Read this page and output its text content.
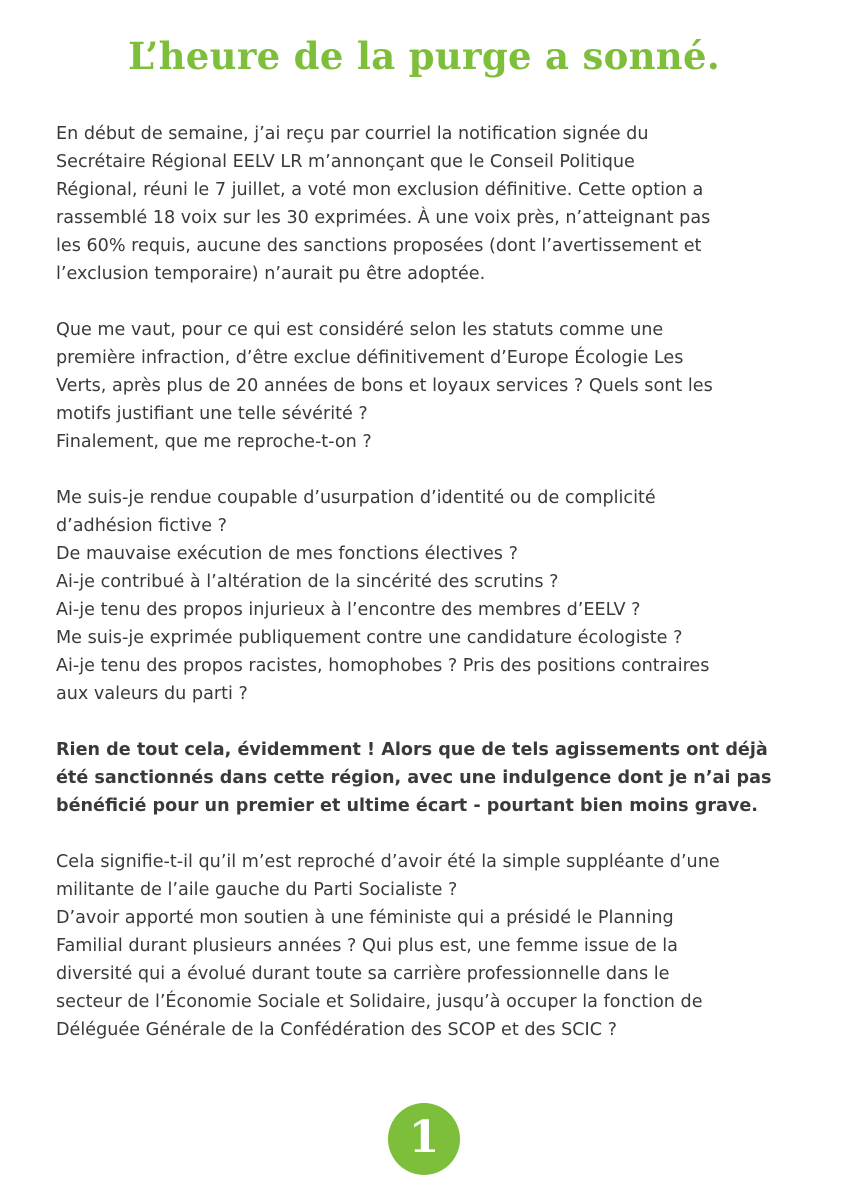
L’heure de la purge a sonné.

En début de semaine, j’ai reçu par courriel la notification signée du
Secrétaire Régional EELV LR m’annonçant que le Conseil Politique
Régional, réuni le 7 juillet, a voté mon exclusion définitive. Cette option a
rassemblé 18 voix sur les 30 exprimées. À une voix près, n’atteignant pas
les 60% requis, aucune des sanctions proposées (dont l’avertissement et
l’exclusion temporaire) n’aurait pu être adoptée.

Que me vaut, pour ce qui est considéré selon les statuts comme une
première infraction, d’être exclue définitivement d’Europe Écologie Les
Verts, après plus de 20 années de bons et loyaux services ? Quels sont les
motifs justifiant une telle sévérité ?
Finalement, que me reproche-t-on ?

Me suis-je rendue coupable d’usurpation d’identité ou de complicité
d’adhésion fictive ?
De mauvaise exécution de mes fonctions électives ?
Ai-je contribué à l’altération de la sincérité des scrutins ?
Ai-je tenu des propos injurieux à l’encontre des membres d’EELV ?
Me suis-je exprimée publiquement contre une candidature écologiste ?
Ai-je tenu des propos racistes, homophobes ? Pris des positions contraires
aux valeurs du parti ?

Rien de tout cela, évidemment ! Alors que de tels agissements ont déjà
été sanctionnés dans cette région, avec une indulgence dont je n’ai pas
bénéficié pour un premier et ultime écart - pourtant bien moins grave.

Cela signifie-t-il qu’il m’est reproché d’avoir été la simple suppléante d’une
militante de l’aile gauche du Parti Socialiste ?
D’avoir apporté mon soutien à une féministe qui a présidé le Planning
Familial durant plusieurs années ? Qui plus est, une femme issue de la
diversité qui a évolué durant toute sa carrière professionnelle dans le
secteur de l’Économie Sociale et Solidaire, jusqu’à occuper la fonction de
Déléguée Générale de la Confédération des SCOP et des SCIC ?

1
